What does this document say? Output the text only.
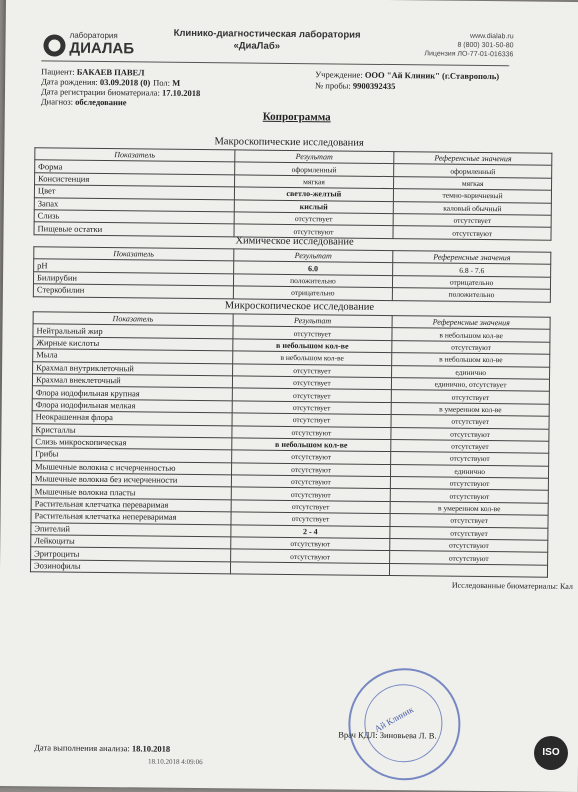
лаборатория
ДИАЛАБ
Клинико-диагностическая лаборатория
«ДиаЛаб»
www.dialab.ru
8 (800) 301-50-80
Лицензия ЛО-77-01-016336
Пациент: БАКАЕВ ПАВЕЛ
Дата рождения: 03.09.2018 (0) Пол: М
Дата регистрации биоматериала: 17.10.2018
Диагноз: обследование
Учреждение: ООО "Ай Клиник" (г.Ставрополь)
№ пробы: 9900392435
Копрограмма
Макроскопические исследования
Показатель	Результат	Референсные значения
Форма	оформленный	оформленный
Консистенция	мягкая	мягкая
Цвет	светло-желтый	темно-коричневый
Запах	кислый	каловый обычный
Слизь	отсутствует	отсутствует
Пищевые остатки	отсутствуют	отсутствуют
Химическое исследование
Показатель	Результат	Референсные значения
pH	6.0	6.8 - 7.6
Билирубин	положительно	отрицательно
Стеркобилин	отрицательно	положительно
Микроскопическое исследование
Показатель	Результат	Референсные значения
Нейтральный жир	отсутствует	в небольшом кол-ве
Жирные кислоты	в небольшом кол-ве	отсутствуют
Мыла	в небольшом кол-ве	в небольшом кол-ве
Крахмал внутриклеточный	отсутствует	единично
Крахмал внеклеточный	отсутствует	единично, отсутствует
Флора иодофильная крупная	отсутствует	отсутствует
Флора иодофильная мелкая	отсутствует	в умеренном кол-ве
Неокрашенная флора	отсутствует	отсутствует
Кристаллы	отсутствуют	отсутствуют
Слизь микроскопическая	в небольшом кол-ве	отсутствует
Грибы	отсутствуют	отсутствуют
Мышечные волокна с исчерченностью	отсутствуют	единично
Мышечные волокна без исчерченности	отсутствуют	отсутствуют
Мышечные волокна пласты	отсутствуют	отсутствуют
Растительная клетчатка переваримая	отсутствует	в умеренном кол-ве
Растительная клетчатка непереваримая	отсутствует	отсутствует
Эпителий	2 - 4	отсутствует
Лейкоциты	отсутствуют	отсутствуют
Эритроциты	отсутствуют	отсутствуют
Эозинофилы		
Исследованные биоматериалы: Кал
Ай Клиник
Врач КДЛ: Зиновьева Л. В.
Дата выполнения анализа: 18.10.2018
18.10.2018 4:09:06
ISO
